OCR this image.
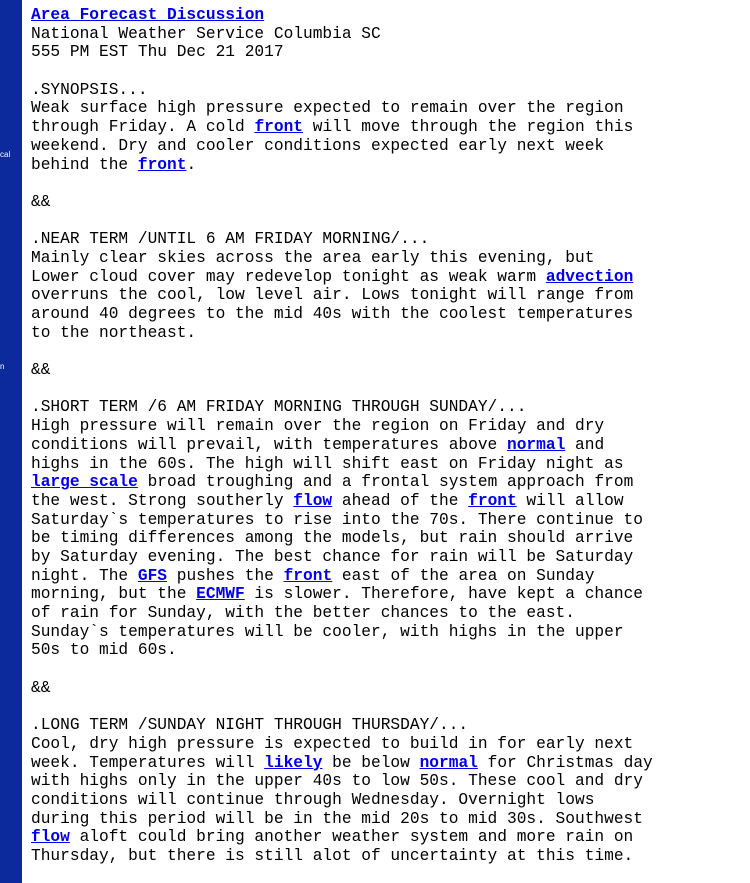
cal
n
Area Forecast Discussion
National Weather Service Columbia SC
555 PM EST Thu Dec 21 2017

.SYNOPSIS...
Weak surface high pressure expected to remain over the region
through Friday. A cold front will move through the region this
weekend. Dry and cooler conditions expected early next week
behind the front.

&&

.NEAR TERM /UNTIL 6 AM FRIDAY MORNING/...
Mainly clear skies across the area early this evening, but
Lower cloud cover may redevelop tonight as weak warm advection
overruns the cool, low level air. Lows tonight will range from
around 40 degrees to the mid 40s with the coolest temperatures
to the northeast.

&&

.SHORT TERM /6 AM FRIDAY MORNING THROUGH SUNDAY/...
High pressure will remain over the region on Friday and dry
conditions will prevail, with temperatures above normal and
highs in the 60s. The high will shift east on Friday night as
large scale broad troughing and a frontal system approach from
the west. Strong southerly flow ahead of the front will allow
Saturday`s temperatures to rise into the 70s. There continue to
be timing differences among the models, but rain should arrive
by Saturday evening. The best chance for rain will be Saturday
night. The GFS pushes the front east of the area on Sunday
morning, but the ECMWF is slower. Therefore, have kept a chance
of rain for Sunday, with the better chances to the east.
Sunday`s temperatures will be cooler, with highs in the upper
50s to mid 60s.

&&

.LONG TERM /SUNDAY NIGHT THROUGH THURSDAY/...
Cool, dry high pressure is expected to build in for early next
week. Temperatures will likely be below normal for Christmas day
with highs only in the upper 40s to low 50s. These cool and dry
conditions will continue through Wednesday. Overnight lows
during this period will be in the mid 20s to mid 30s. Southwest
flow aloft could bring another weather system and more rain on
Thursday, but there is still alot of uncertainty at this time.
